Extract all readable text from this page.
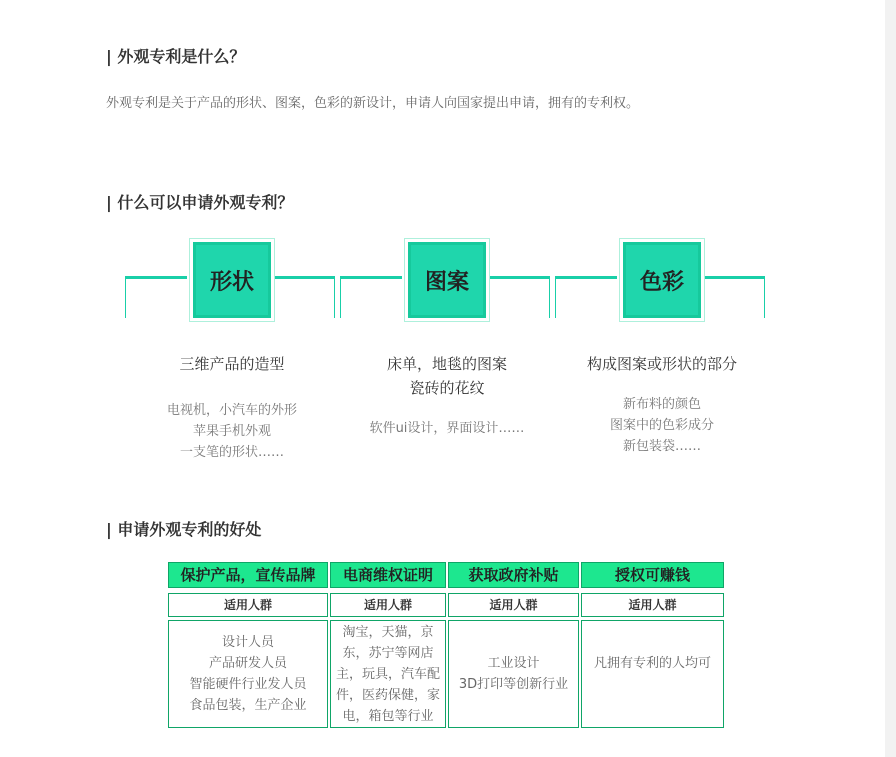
| 外观专利是什么？
外观专利是关于产品的形状、图案，色彩的新设计，申请人向国家提出申请，拥有的专利权。
| 什么可以申请外观专利？
形状
三维产品的造型
电视机，小汽车的外形
苹果手机外观
一支笔的形状……
图案
床单，地毯的图案
瓷砖的花纹
软件ui设计，界面设计……
色彩
构成图案或形状的部分
新布料的颜色
图案中的色彩成分
新包装袋……
| 申请外观专利的好处
保护产品，宣传品牌
适用人群
设计人员
产品研发人员
智能硬件行业发人员
食品包装，生产企业
电商维权证明
适用人群
淘宝，天猫，京
东，苏宁等网店
主，玩具，汽车配
件，医药保健，家
电，箱包等行业
获取政府补贴
适用人群
工业设计
3D打印等创新行业
授权可赚钱
适用人群
凡拥有专利的人均可
